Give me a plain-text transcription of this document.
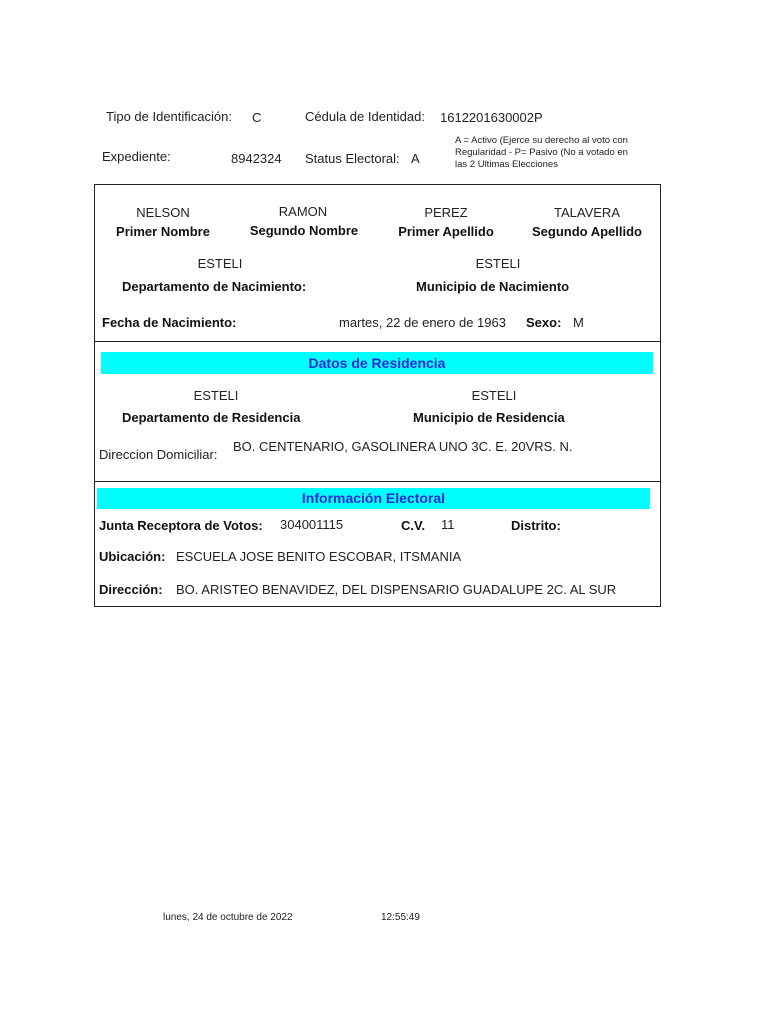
Tipo de Identificación: C	Cédula de Identidad: 1612201630002P
Expediente:	8942324 Status Electoral: A
A = Activo (Ejerce su derecho al voto con
Regularidad - P= Pasivo (No a votado en
las 2 Ultimas Elecciones
NELSON
Primer Nombre
RAMON
Segundo Nombre
PEREZ
Primer Apellido
TALAVERA
Segundo Apellido
ESTELI
Departamento de Nacimiento:
ESTELI
Municipio de Nacimiento
Fecha de Nacimiento:	martes, 22 de enero de 1963 Sexo: M
Datos de Residencia
ESTELI
Departamento de Residencia
ESTELI
Municipio de Residencia
Direccion Domiciliar:
BO. CENTENARIO, GASOLINERA UNO 3C. E. 20VRS. N.
Información Electoral
Junta Receptora de Votos: 304001115	C.V. 11	Distrito:
Ubicación: ESCUELA JOSE BENITO ESCOBAR, ITSMANIA
Dirección: BO. ARISTEO BENAVIDEZ, DEL DISPENSARIO GUADALUPE 2C. AL SUR
lunes, 24 de octubre de 2022	12:55:49
